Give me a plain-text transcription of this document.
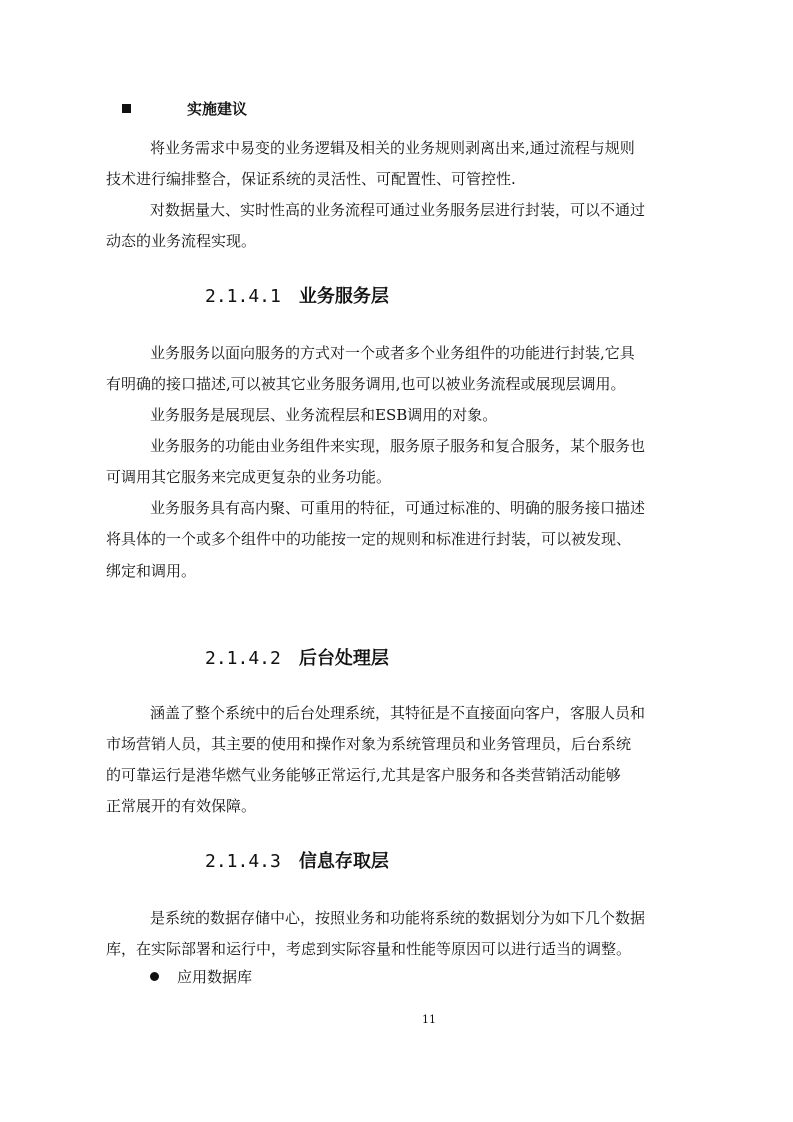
实施建议
将业务需求中易变的业务逻辑及相关的业务规则剥离出来,通过流程与规则
技术进行编排整合，保证系统的灵活性、可配置性、可管控性.
对数据量大、实时性高的业务流程可通过业务服务层进行封装，可以不通过
动态的业务流程实现。
2.1.4.1 业务服务层
业务服务以面向服务的方式对一个或者多个业务组件的功能进行封装,它具
有明确的接口描述,可以被其它业务服务调用,也可以被业务流程或展现层调用。
业务服务是展现层、业务流程层和ESB调用的对象。
业务服务的功能由业务组件来实现，服务原子服务和复合服务，某个服务也
可调用其它服务来完成更复杂的业务功能。
业务服务具有高内聚、可重用的特征，可通过标准的、明确的服务接口描述
将具体的一个或多个组件中的功能按一定的规则和标准进行封装，可以被发现、
绑定和调用。
2.1.4.2 后台处理层
涵盖了整个系统中的后台处理系统，其特征是不直接面向客户，客服人员和
市场营销人员，其主要的使用和操作对象为系统管理员和业务管理员，后台系统
的可靠运行是港华燃气业务能够正常运行,尤其是客户服务和各类营销活动能够
正常展开的有效保障。
2.1.4.3 信息存取层
是系统的数据存储中心，按照业务和功能将系统的数据划分为如下几个数据
库，在实际部署和运行中，考虑到实际容量和性能等原因可以进行适当的调整。
应用数据库
11
